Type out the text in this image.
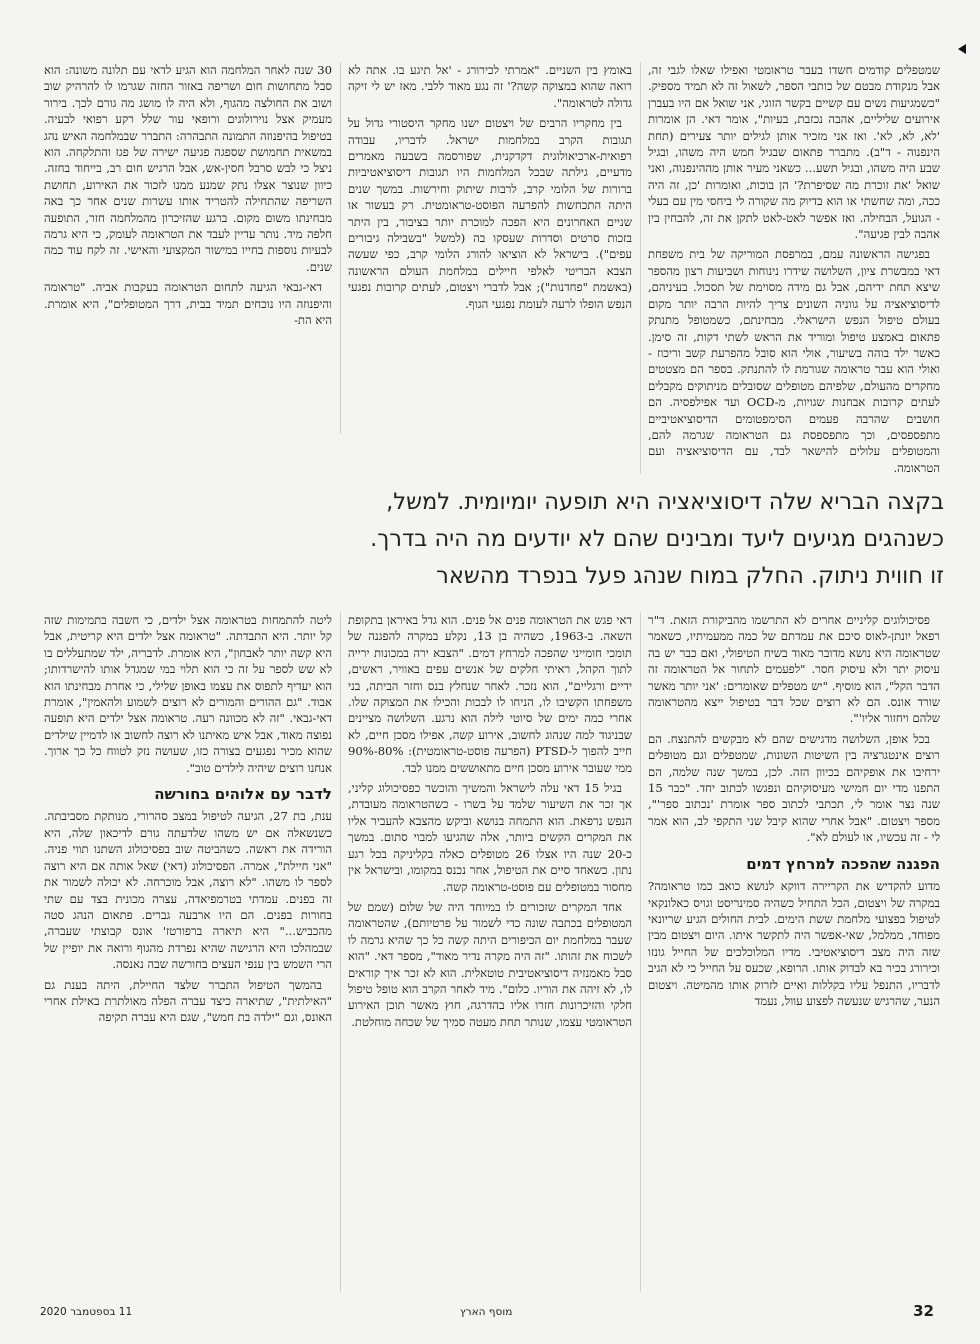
שמטפלים קודמים חשדו בעבר טראומטי ואפילו שאלו לגבי זה, אבל מנקודת מבטם של כותבי הספר, לשאול זה לא תמיד מספיק. "כשמגיעות נשים עם קשיים בקשר הזוגי, אני שואל אם היו בעברן אירועים שליליים, אהבה נכזבת, בעיות", אומר דאי. הן אומרות 'לא, לא, לא'. ואז אני מזכיר אותן לגילים יותר צעירים (תחת הינפנוה - ד"ב). מתברר פתאום שבגיל חמש היה משהו, ובגיל שבע היה משהו, ובגיל תשע... כשאני מעיר אותן מההינפנוה, ואני שואל 'את זוכרת מה שסיפרת?' הן בוכות, ואומרות 'כן, זה היה ככה, ומה שחשתי או הוא בדיוק מה שקורה לי ביחסי מין עם בעלי - הגועל, הבחילה. ואז אפשר לאט-לאט לתקן את זה, להבחין בין אהבה לבין פגיעה".

בפגישה הראשונה עמם, במרפסת המוריקה של בית משפחת דאי במבשרת ציון, השלושה שידרו נינוחות ושביעות רצון מהספר שיצא תחת ידיהם, אבל גם מידה מסוימת של תסכול. בעיניהם, לדיסוציאציה על גווניה השונים צריך להיות הרבה יותר מקום בעולם טיפול הנפש הישראלי. מבחינתם, כשמטופל מתנתק פתאום באמצע טיפול ומוריד את הראש לשתי דקות, זה סימן. כאשר ילד בוהה בשיעור, אולי הוא סובל מהפרעת קשב וריכוז - ואולי הוא עבר טראומה שגורמת לו להתנתק. בספר הם מצטטים מחקרים מהעולם, שלפיהם מטופלים שסובלים מניתוקים מקבלים לעתים קרובות אבחנות שגויות, מ-OCD ועד אפילפסיה. הם חושבים שהרבה פעמים הסימפטומים הדיסוציאטיביים מתפספסים, וכך מתפספסת גם הטראומה שגרמה להם, והמטופלים עלולים להישאר לבד, עם הדיסוציאציה ועם הטראומה.

באומץ בין השניים. "אמרתי לכירורג - 'אל תיגע בו. אתה לא רואה שהוא במצוקה קשה?' זה נגע מאוד ללבי. מאז יש לי זיקה גדולה לטראומה".

בין מחקריו הרבים של ויצטום ישנו מחקר היסטורי גדול על תגובות הקרב במלחמות ישראל. לדבריו, עבודה רפואית-ארכיאולוגית דקדקנית, שפורסמה בשבעה מאמרים מדעיים, גילתה שבכל המלחמות היו תגובות דיסוציאטיביות ברורות של הלומי קרב, לרבות שיתוק וחירשות. במשך שנים היתה התכחשות להפרעה הפוסט-טראומטית. רק בעשור או שניים האחרונים היא הפכה למוכרת יותר בציבור, בין היתר בזכות סרטים וסדרות שעסקו בה (למשל "בשבילה גיבורים עפים"). בישראל לא הוציאו להורג הלומי קרב, כפי שעשה הצבא הבריטי לאלפי חיילים במלחמת העולם הראשונה (באשמת "פחדנות"); אבל לדברי ויצטום, לעתים קרובות נפגעי הנפש הופלו לרעה לעומת נפגעי הגוף.

30 שנה לאחר המלחמה הוא הגיע לדאי עם תלונה משונה: הוא סבל מתחושות חום ושריפה באזור החזה שגרמו לו להרהיק שוב ושוב את החולצה מהגוף, ולא היה לו מושג מה גורם לכך. בירור מעמיק אצל נוירולוגים ורופאי עור שלל רקע רפואי לבעיה. בטיפול בהיפנוזה התמונה התבהרה: התברר שבמלחמה האיש נהג במשאית תחמושת שספגה פגיעה ישירה של פגז והתלקחה. הוא ניצל כי לבש סרבל חסין-אש, אבל הרגיש חום רב, בייחוד בחזה. כיוון שנוצר אצלו נתק שמנע ממנו לזכור את האירוע, תחושת השריפה שהתחילה להטריד אותו עשרות שנים אחר כך באה מבחינתו משום מקום. ברגע שהזיכרון מהמלחמה חזר, התופעה חלפה מיד. נותר עדיין לעבד את הטראומה לעומק, כי היא גרמה לבעיות נוספות בחייו במישור המקצועי והאישי. זה לקח עוד כמה שנים.

דאי-גבאי הגיעה לתחום הטראומה בעקבות אביה. "טראומה והיפנוזה היו נוכחים תמיד בבית, דרך המטופלים", היא אומרת. היא הת-

בקצה הבריא שלה דיסוציאציה היא תופעה יומיומית. למשל,
כשנהגים מגיעים ליעד ומבינים שהם לא יודעים מה היה בדרך.
זו חווית ניתוק. החלק במוח שנהג פעל בנפרד מהשאר

פסיכולוגים קליניים אחרים לא התרשמו מהביקורת הזאת. ד"ר רפאל יונתן-לאוס סיכם את עמדתם של כמה ממעמיתיו, כשאמר שטראומה היא נושא מדובר מאוד בשיח הטיפולי, ואם כבר יש בה עיסוק יתר ולא עיסוק חסר. "לפעמים לתחור אל הטראומה זה הדבר הקל", הוא מוסיף. "יש מטפלים שאומרים: 'אני יותר מאשר שורד אונס. הם לא רוצים שכל דבר בטיפול ייצא מהטראומה שלהם ויחזור אליו'".

בכל אופן, השלושה מדגישים שהם לא מבקשים להתנצח. הם רוצים אינטגרציה בין השיטות השונות, שמטפלים וגם מטופלים ירחיבו את אופקיהם בכיוון הזה. לכן, במשך שנה שלמה, הם התפנו מדי יום חמישי מעיסוקיהם ונפגשו לכתוב יחד. "כבר 15 שנה נצר אומר לי, תכתבי לכתוב ספר אומרת 'נכתוב ספר'", מספר ויצטום. "אבל אחרי שהוא קיבל שני התקפי לב, הוא אמר לי - זה עכשיו, או לעולם לא".

הפגנה שהפכה למרחץ דמים

מדוע להקדיש את הקריירה דווקא לנושא כואב כמו טראומה? במקרה של ויצטום, הכל התחיל כשהיה סמינריסט וגויס כאלונקאי לטיפול בפצועי מלחמת ששת הימים. לבית החולים הגיע שריונאי מפוחד, ממלמל, שאי-אפשר היה לתקשר איתו. היום ויצטום מבין שזה היה מצב דיסוציאטיבי. מדיו המלוכלכים של החייל גונזו וכירורג בכיר בא לבדוק אותו. הרופא, שכעס על החייל כי לא הגיב לדבריו, התנפל עליו בקללות ואיים לזרוק אותו מהמיטה. ויצטום הנער, שהרגיש שנעשה לפצוע עוול, נעמד

דאי פגש את הטראומה פנים אל פנים. הוא גדל באיראן בתקופת השאה. ב-1963, כשהיה בן 13, נקלע במקרה להפגנה של תומכי חומייני שהפכה למרחץ דמים. "הצבא ירה במכונות ירייה לתוך הקהל, ראיתי חלקים של אנשים עפים באוויר, ראשים, ידיים ורגליים", הוא נזכר. לאחר שנחלץ בנס וחזר הביתה, בני משפחתו הקשיבו לו, הניחו לו לבכות והכילו את המצוקה שלו. אחרי כמה ימים של סיוטי לילה הוא נרגע. השלושה מציינים שבניגוד למה שנהוג לחשוב, אירוע קשה, אפילו מסכן חיים, לא חייב להפוך ל-PTSD (הפרעה פוסט-טראומטית): 80%-90% ממי שעובר אירוע מסכן חיים מתאוששים ממנו לבד.

בגיל 15 דאי עלה לישראל והמשיך והוכשר כפסיכולוג קליני, אך זכר את השיעור שלמד על בשרו - כשהטראומה מעובדת, הנפש נרפאת. הוא התמחה בנושא וביקש מהצבא להעביר אליו את המקרים הקשים ביותר, אלה שהגיעו למבוי סתום. במשך כ-20 שנה היו אצלו 26 מטופלים כאלה בקליניקה בכל רגע נתון. כשאחד סיים את הטיפול, אחר נכנס במקומו, ובישראל אין מחסור במטופלים עם פוסט-טראומה קשה.

אחד המקרים שזכורים לו במיוחד היה של שלום (שמם של המטופלים בכתבה שונה כדי לשמור על פרטיותם), שהטראומה שעבר במלחמת יום הכיפורים היתה קשה כל כך שהיא גרמה לו לשכוח את זהותו. "זה היה מקרה נדיר מאוד", מספר דאי. "הוא סבל מאמנזיה דיסוציאטיבית טוטאלית. הוא לא זכר איך קוראים לו, לא זיהה את הוריו. כלום". מיד לאחר הקרב הוא טופל טיפול חלקי והזיכרונות חזרו אליו בהדרגה, חוץ מאשר תוכן האירוע הטראומטי עצמו, שנותר תחת מעטה סמיך של שכחה מוחלטת.

ליטה להתמחות בטראומה אצל ילדים, כי חשבה בתמימות שזה קל יותר. היא התבדתה. "טראומה אצל ילדים היא קריטית, אבל היא קשה יותר לאבחון", היא אומרת. לדבריה, ילד שמתעללים בו לא שש לספר על זה כי הוא תלוי במי שמגדל אותו להישרדותו; הוא יעדיף לתפוס את עצמו באופן שלילי, כי אחרת מבחינתו הוא אבוד. "גם ההורים והמורים לא רוצים לשמוע ולהאמין", אומרת דאי-גבאי. "זה לא מכוונה רעה. טראומה אצל ילדים היא תופעה נפוצה מאוד, אבל איש מאיתנו לא רוצה לחשוב או לדמיין שילדים שהוא מכיר נפגעים בצורה כזו, שעושה נזק לטווח כל כך ארוך. אנחנו רוצים שיהיה לילדים טוב".

לדבר עם אלוהים בחורשה

ענת, בת 27, הגיעה לטיפול במצב סהרורי, מנותקת מסביבתה. כשנשאלה אם יש משהו שלדעתה גורם לדיכאון שלה, היא הורידה את ראשה. כשהביטה שוב בפסיכולוג השתנו תווי פניה. "אני חיילת", אמרה. הפסיכולוג (דאי) שאל אותה אם היא רוצה לספר לו משהו. "לא רוצה, אבל מוכרחה. לא יכולה לשמור את זה בפנים. עמדתי בטרמפיאדה, עצרה מכונית בצד עם שתי בחורות בפנים. הם היו ארבעה גברים. פתאום הנהג סטה מהכביש..." היא תיארה ברפורטז' אונס קבוצתי שעברה, שבמהלכו היא הרגישה שהיא נפרדת מהגוף ורואה את יופיין של הרי השמש בין ענפי העצים בחורשה שבה נאנסה.

בהמשך הטיפול התברר שלצד החיילת, היתה בענת גם "האילתית", שתיארה כיצד עברה הפלה מאולתרת באילת אחרי האונס, וגם "ילדה בת חמש", שגם היא עברה תקיפה

32
מוסף הארץ
11 בספטמבר 2020
